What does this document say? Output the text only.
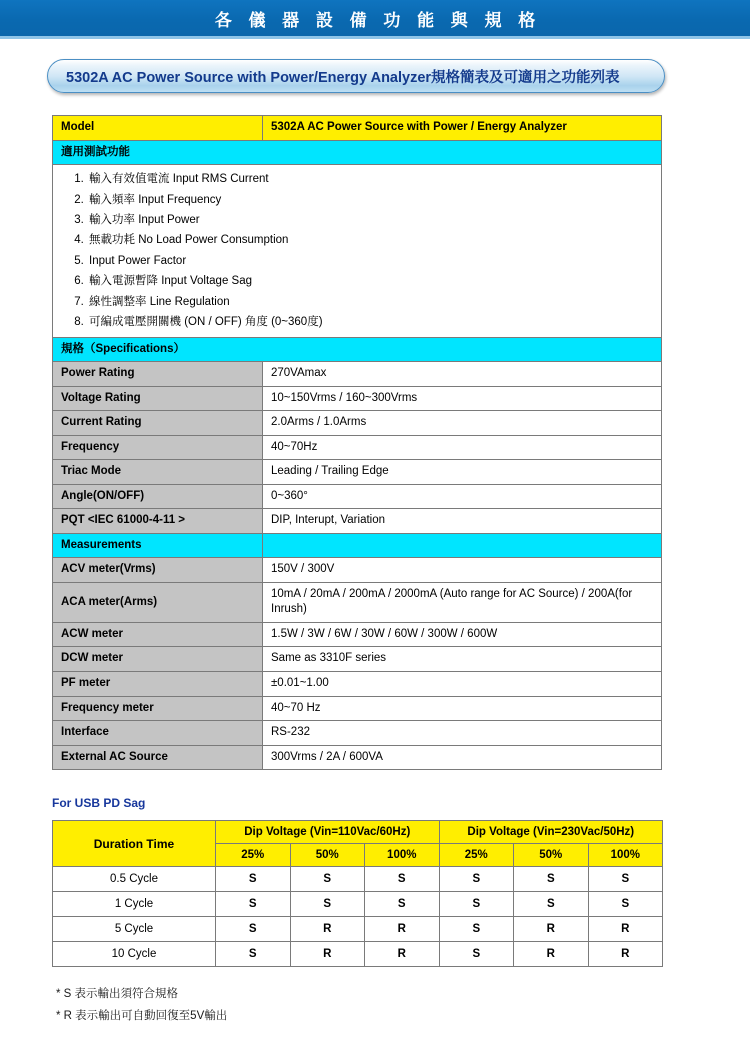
各 儀 器 設 備 功 能 與 規 格
5302A AC Power Source with Power/Energy Analyzer規格簡表及可適用之功能列表
Model	5302A AC Power Source with Power / Energy Analyzer
適用測試功能	

1. 輸入有效值電流 Input RMS Current
2. 輸入頻率 Input Frequency
3. 輸入功率 Input Power
4. 無載功耗 No Load Power Consumption
5. Input Power Factor
6. 輸入電源暫降 Input Voltage Sag
7. 線性調整率 Line Regulation
8. 可編成電壓開關機 (ON / OFF) 角度 (0~360度)

規格（Specifications）	
Power Rating	270VAmax
Voltage Rating	10~150Vrms / 160~300Vrms
Current Rating	2.0Arms / 1.0Arms
Frequency	40~70Hz
Triac Mode	Leading / Trailing Edge
Angle(ON/OFF)	0~360°
PQT <IEC 61000-4-11 >	DIP, Interupt, Variation
Measurements	
ACV meter(Vrms)	150V / 300V
ACA meter(Arms)	10mA / 20mA / 200mA / 2000mA (Auto range for AC Source) / 200A(for Inrush)
ACW meter	1.5W / 3W / 6W / 30W / 60W / 300W / 600W
DCW meter	Same as 3310F series
PF meter	±0.01~1.00
Frequency meter	40~70 Hz
Interface	RS-232
External AC Source	300Vrms / 2A / 600VA
For USB PD Sag
Duration Time	Dip Voltage (Vin=110Vac/60Hz)			Dip Voltage (Vin=230Vac/50Hz)		
	25%	50%	100%	25%	50%	100%
0.5 Cycle	S	S	S	S	S	S
1 Cycle	S	S	S	S	S	S
5 Cycle	S	R	R	S	R	R
10 Cycle	S	R	R	S	R	R
* S 表示輸出須符合規格
* R 表示輸出可自動回復至5V輸出
